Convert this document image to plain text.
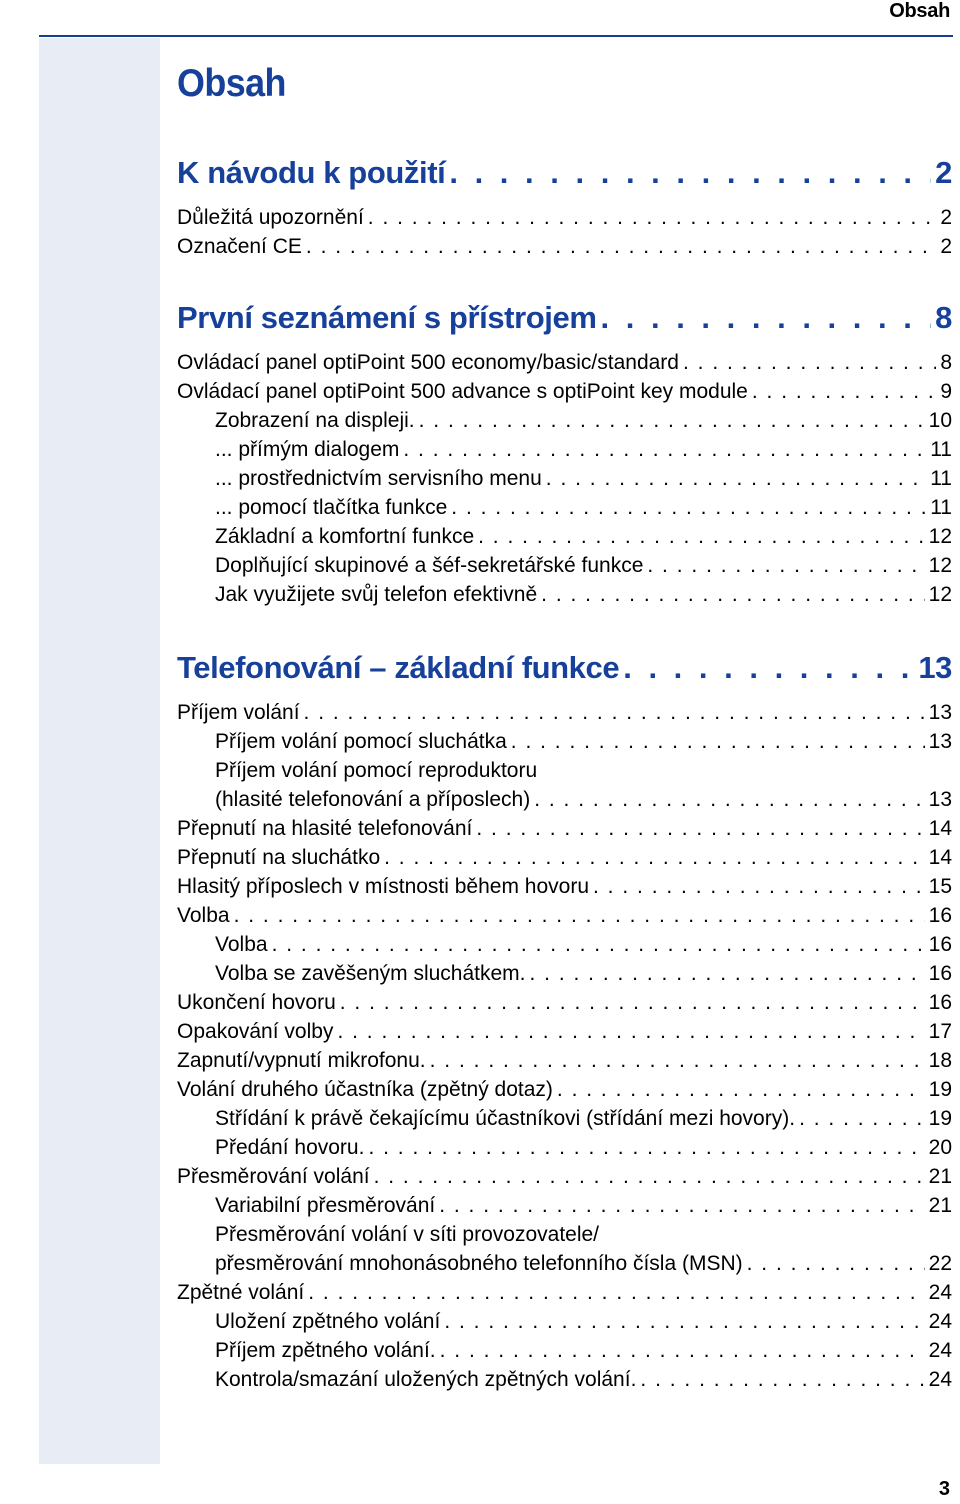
Obsah
Obsah
K návodu k použití . . .	2
Důležitá upozornění . . .	2
Označení CE . . .	2
První seznámení s přístrojem . . .	8
Ovládací panel optiPoint 500 economy/basic/standard . . .	8
Ovládací panel optiPoint 500 advance s optiPoint key module . . .	9
Zobrazení na displeji. . . .	10
... přímým dialogem . . .	11
... prostřednictvím servisního menu . . .	11
... pomocí tlačítka funkce . . .	11
Základní a komfortní funkce . . .	12
Doplňující skupinové a šéf-sekretářské funkce . . .	12
Jak využijete svůj telefon efektivně . . .	12
Telefonování – základní funkce . . .	13
Příjem volání . . .	13
Příjem volání pomocí sluchátka . . .	13
Příjem volání pomocí reproduktoru
(hlasité telefonování a příposlech) . . .	13
Přepnutí na hlasité telefonování . . .	14
Přepnutí na sluchátko . . .	14
Hlasitý příposlech v místnosti během hovoru . . .	15
Volba . . .	16
Volba . . .	16
Volba se zavěšeným sluchátkem. . . .	16
Ukončení hovoru . . .	16
Opakování volby . . .	17
Zapnutí/vypnutí mikrofonu. . . .	18
Volání druhého účastníka (zpětný dotaz) . . .	19
Střídání k právě čekajícímu účastníkovi (střídání mezi hovory). . . .	19
Předání hovoru. . . .	20
Přesměrování volání . . .	21
Variabilní přesměrování . . .	21
Přesměrování volání v síti provozovatele/
přesměrování mnohonásobného telefonního čísla (MSN) . . .	22
Zpětné volání . . .	24
Uložení zpětného volání . . .	24
Příjem zpětného volání. . . .	24
Kontrola/smazání uložených zpětných volání. . . .	24
3
